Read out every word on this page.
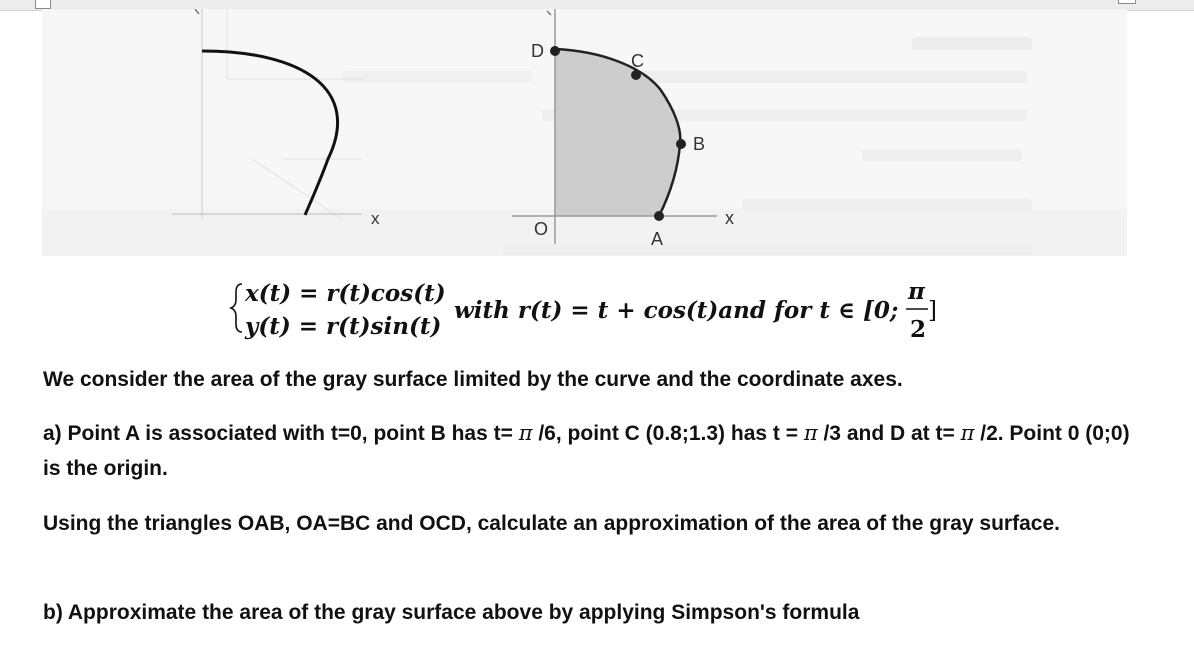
x
D	C
B
A
O
x
x(t) = r(t)cos(t)
y(t) = r(t)sin(t)
with r(t) = t + cos(t)and for t ∈ [0;
π
2
]
We consider the area of the gray surface limited by the curve and the coordinate axes.
a) Point A is associated with t=0, point B has t= π /6, point C (0.8;1.3) has t = π /3 and D at t= π /2. Point 0 (0;0) is the origin.
Using the triangles OAB, OA=BC and OCD, calculate an approximation of the area of the gray surface.
b) Approximate the area of the gray surface above by applying Simpson's formula
